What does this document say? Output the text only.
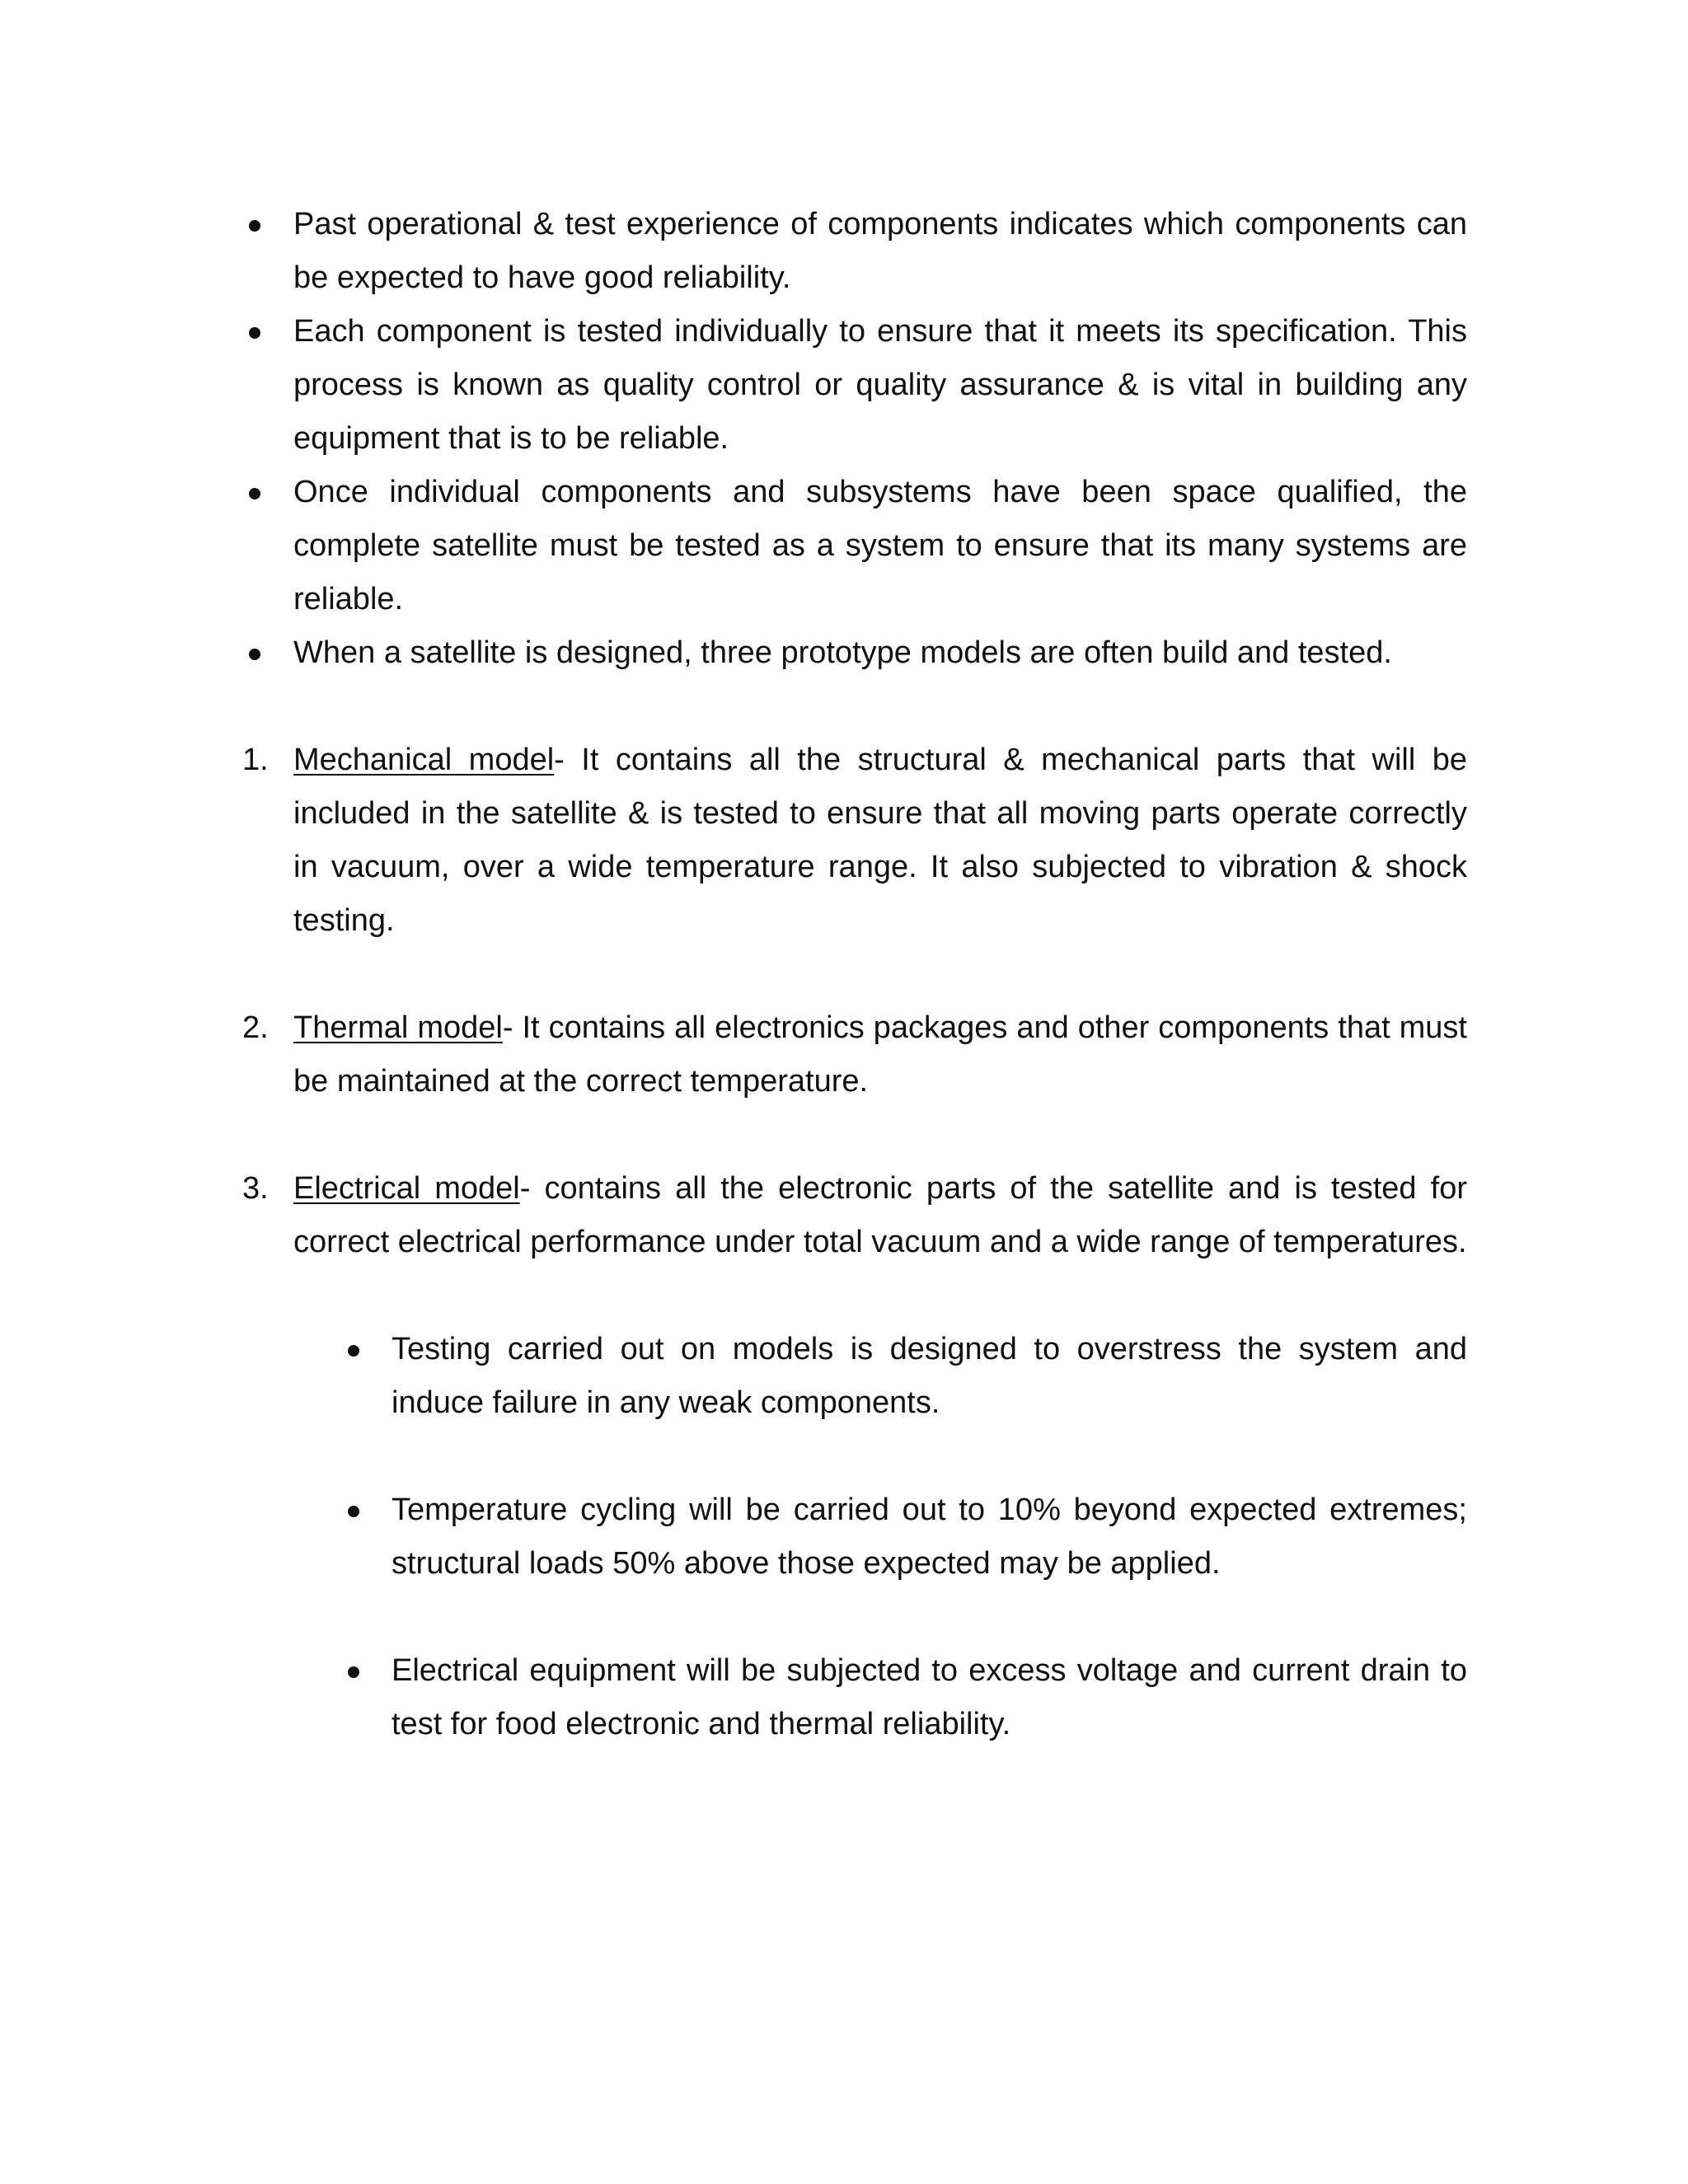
Past operational & test experience of components indicates which components can be expected to have good reliability.
Each component is tested individually to ensure that it meets its specification. This process is known as quality control or quality assurance & is vital in building any equipment that is to be reliable.
Once individual components and subsystems have been space qualified, the complete satellite must be tested as a system to ensure that its many systems are reliable.
When a satellite is designed, three prototype models are often build and tested.
1. Mechanical model- It contains all the structural & mechanical parts that will be included in the satellite & is tested to ensure that all moving parts operate correctly in vacuum, over a wide temperature range. It also subjected to vibration & shock testing.
2. Thermal model- It contains all electronics packages and other components that must be maintained at the correct temperature.
3. Electrical model- contains all the electronic parts of the satellite and is tested for correct electrical performance under total vacuum and a wide range of temperatures.
Testing carried out on models is designed to overstress the system and induce failure in any weak components.
Temperature cycling will be carried out to 10% beyond expected extremes; structural loads 50% above those expected may be applied.
Electrical equipment will be subjected to excess voltage and current drain to test for food electronic and thermal reliability.
